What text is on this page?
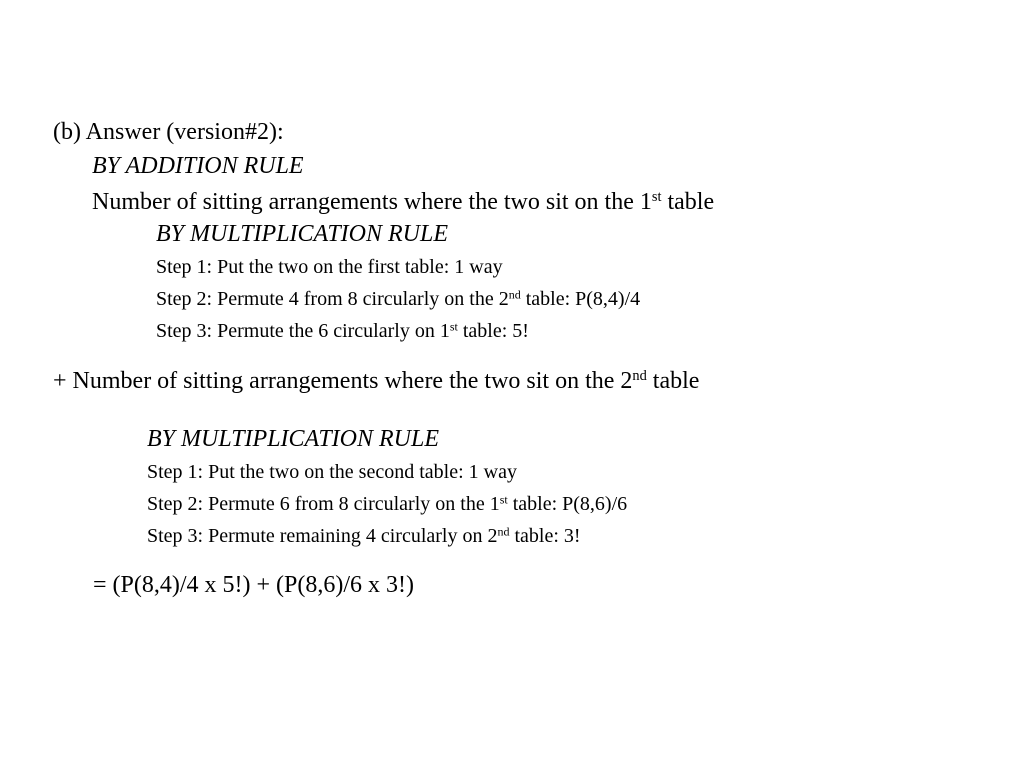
(b) Answer (version#2):
BY ADDITION RULE
Number of sitting arrangements where the two sit on the 1st table
BY MULTIPLICATION RULE
Step 1: Put the two on the first table: 1 way
Step 2: Permute 4 from 8 circularly on the 2nd table: P(8,4)/4
Step 3: Permute the 6 circularly on 1st table: 5!
+ Number of sitting arrangements where the two sit on the 2nd table
BY MULTIPLICATION RULE
Step 1: Put the two on the second table: 1 way
Step 2: Permute 6 from 8 circularly on the 1st table: P(8,6)/6
Step 3: Permute remaining 4 circularly on 2nd table: 3!
= (P(8,4)/4 x 5!) + (P(8,6)/6 x 3!)
